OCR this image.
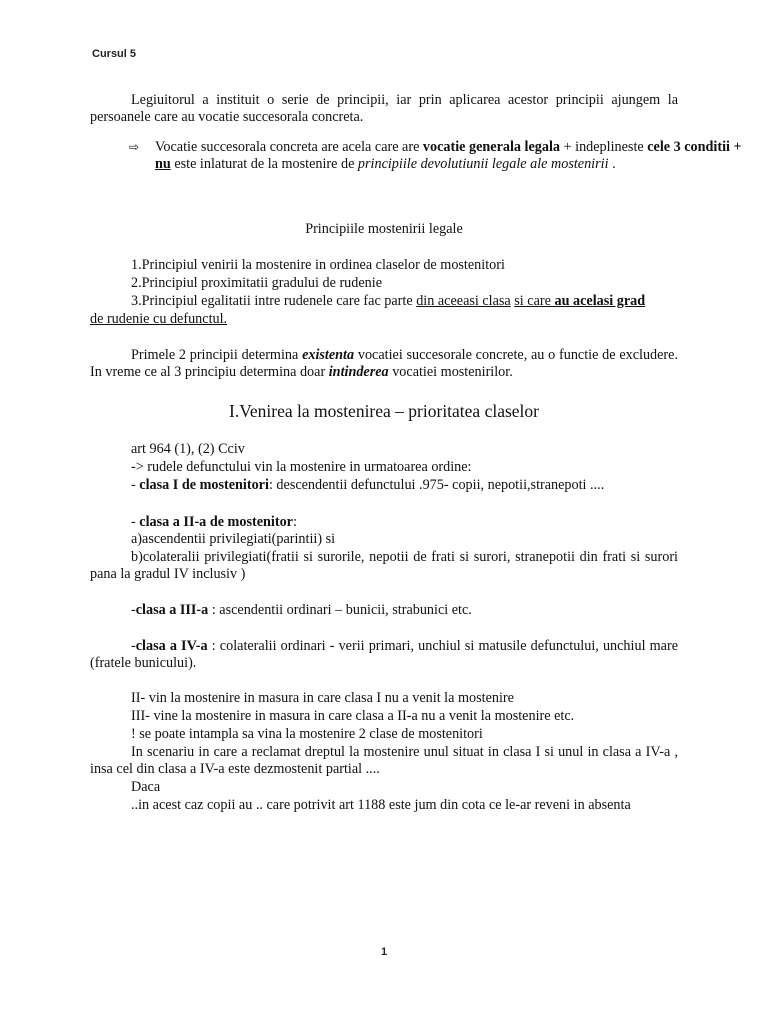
Cursul 5
Legiuitorul a instituit o serie de principii, iar prin aplicarea acestor principii ajungem la persoanele care au vocatie succesorala concreta.
⇨ Vocatie succesorala concreta are acela care are vocatie generala legala + indeplineste cele 3 conditii + nu este inlaturat de la mostenire de principiile devolutiunii legale ale mostenirii .
Principiile mostenirii legale
1.Principiul venirii la mostenire in ordinea claselor de mostenitori
2.Principiul proximitatii gradului de rudenie
3.Principiul egalitatii intre rudenele care fac parte din aceeasi clasa si care au acelasi grad
de rudenie cu defunctul.
Primele 2 principii determina existenta vocatiei succesorale concrete, au o functie de excludere. In vreme ce al 3 principiu determina doar intinderea vocatiei mostenirilor.
I.Venirea la mostenirea – prioritatea claselor
art 964 (1), (2) Cciv
-> rudele defunctului vin la mostenire in urmatoarea ordine:
- clasa I de mostenitori: descendentii defunctului .975- copii, nepotii,stranepoti ....
- clasa a II-a de mostenitor:
a)ascendentii privilegiati(parintii) si
b)colateralii privilegiati(fratii si surorile, nepotii de frati si surori, stranepotii din frati si surori pana la gradul IV inclusiv )
-clasa a III-a : ascendentii ordinari – bunicii, strabunici etc.
-clasa a IV-a : colateralii ordinari - verii primari, unchiul si matusile defunctului, unchiul mare (fratele bunicului).
II- vin la mostenire in masura in care clasa I nu a venit la mostenire
III- vine la mostenire in masura in care clasa a II-a nu a venit la mostenire etc.
! se poate intampla sa vina la mostenire 2 clase de mostenitori
In scenariu in care a reclamat dreptul la mostenire unul situat in clasa I si unul in clasa a IV-a , insa cel din clasa a IV-a este dezmostenit partial ....
Daca
..in acest caz copii au .. care potrivit art 1188 este jum din cota ce le-ar reveni in absenta
1
